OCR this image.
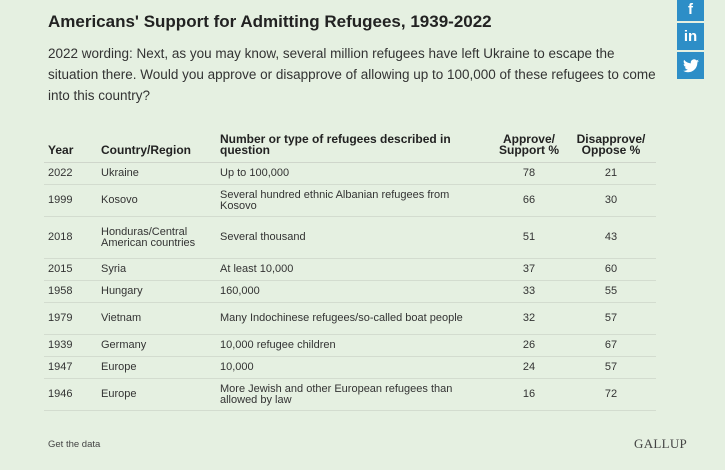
Americans' Support for Admitting Refugees, 1939-2022
2022 wording: Next, as you may know, several million refugees have left Ukraine to escape the situation there. Would you approve or disapprove of allowing up to 100,000 of these refugees to come into this country?
f
in
Year	Country/Region	Number or type of refugees described in question	Approve/ Support %	Disapprove/ Oppose %
2022	Ukraine	Up to 100,000	78	21
1999	Kosovo	Several hundred ethnic Albanian refugees from Kosovo	66	30
2018	Honduras/Central American countries	Several thousand	51	43
2015	Syria	At least 10,000	37	60
1958	Hungary	160,000	33	55
1979	Vietnam	Many Indochinese refugees/so-called boat people	32	57
1939	Germany	10,000 refugee children	26	67
1947	Europe	10,000	24	57
1946	Europe	More Jewish and other European refugees than allowed by law	16	72
Get the data	GALLUP
